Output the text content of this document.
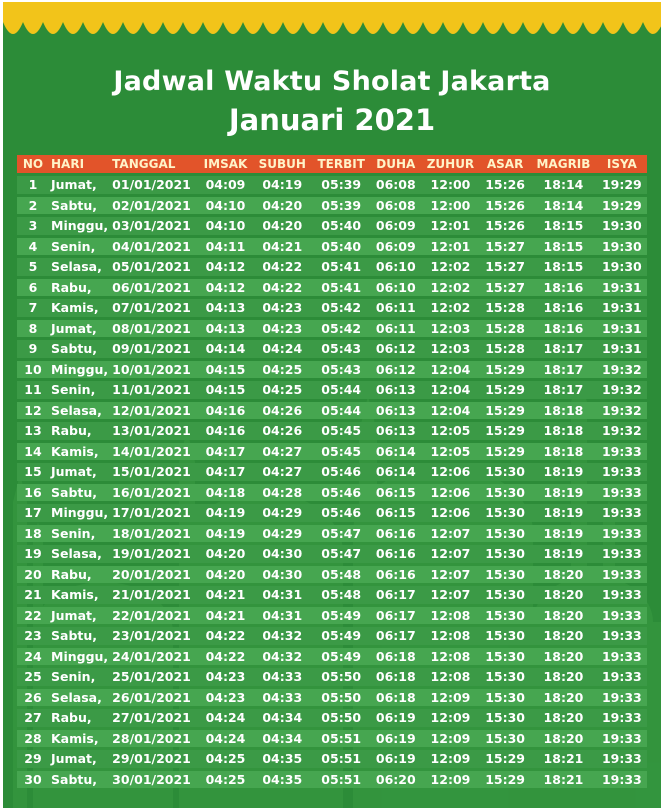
Jadwal Waktu Sholat Jakarta
Januari 2021
NO	HARI	TANGGAL	IMSAK	SUBUH	TERBIT	DUHA	ZUHUR	ASAR	MAGRIB	ISYA
1	Jumat,	01/01/2021	04:09	04:19	05:39	06:08	12:00	15:26	18:14	19:29
2	Sabtu,	02/01/2021	04:10	04:20	05:39	06:08	12:00	15:26	18:14	19:29
3	Minggu,	03/01/2021	04:10	04:20	05:40	06:09	12:01	15:26	18:15	19:30
4	Senin,	04/01/2021	04:11	04:21	05:40	06:09	12:01	15:27	18:15	19:30
5	Selasa,	05/01/2021	04:12	04:22	05:41	06:10	12:02	15:27	18:15	19:30
6	Rabu,	06/01/2021	04:12	04:22	05:41	06:10	12:02	15:27	18:16	19:31
7	Kamis,	07/01/2021	04:13	04:23	05:42	06:11	12:02	15:28	18:16	19:31
8	Jumat,	08/01/2021	04:13	04:23	05:42	06:11	12:03	15:28	18:16	19:31
9	Sabtu,	09/01/2021	04:14	04:24	05:43	06:12	12:03	15:28	18:17	19:31
10	Minggu,	10/01/2021	04:15	04:25	05:43	06:12	12:04	15:29	18:17	19:32
11	Senin,	11/01/2021	04:15	04:25	05:44	06:13	12:04	15:29	18:17	19:32
12	Selasa,	12/01/2021	04:16	04:26	05:44	06:13	12:04	15:29	18:18	19:32
13	Rabu,	13/01/2021	04:16	04:26	05:45	06:13	12:05	15:29	18:18	19:32
14	Kamis,	14/01/2021	04:17	04:27	05:45	06:14	12:05	15:29	18:18	19:33
15	Jumat,	15/01/2021	04:17	04:27	05:46	06:14	12:06	15:30	18:19	19:33
16	Sabtu,	16/01/2021	04:18	04:28	05:46	06:15	12:06	15:30	18:19	19:33
17	Minggu,	17/01/2021	04:19	04:29	05:46	06:15	12:06	15:30	18:19	19:33
18	Senin,	18/01/2021	04:19	04:29	05:47	06:16	12:07	15:30	18:19	19:33
19	Selasa,	19/01/2021	04:20	04:30	05:47	06:16	12:07	15:30	18:19	19:33
20	Rabu,	20/01/2021	04:20	04:30	05:48	06:16	12:07	15:30	18:20	19:33
21	Kamis,	21/01/2021	04:21	04:31	05:48	06:17	12:07	15:30	18:20	19:33
22	Jumat,	22/01/2021	04:21	04:31	05:49	06:17	12:08	15:30	18:20	19:33
23	Sabtu,	23/01/2021	04:22	04:32	05:49	06:17	12:08	15:30	18:20	19:33
24	Minggu,	24/01/2021	04:22	04:32	05:49	06:18	12:08	15:30	18:20	19:33
25	Senin,	25/01/2021	04:23	04:33	05:50	06:18	12:08	15:30	18:20	19:33
26	Selasa,	26/01/2021	04:23	04:33	05:50	06:18	12:09	15:30	18:20	19:33
27	Rabu,	27/01/2021	04:24	04:34	05:50	06:19	12:09	15:30	18:20	19:33
28	Kamis,	28/01/2021	04:24	04:34	05:51	06:19	12:09	15:30	18:20	19:33
29	Jumat,	29/01/2021	04:25	04:35	05:51	06:19	12:09	15:29	18:21	19:33
30	Sabtu,	30/01/2021	04:25	04:35	05:51	06:20	12:09	15:29	18:21	19:33
